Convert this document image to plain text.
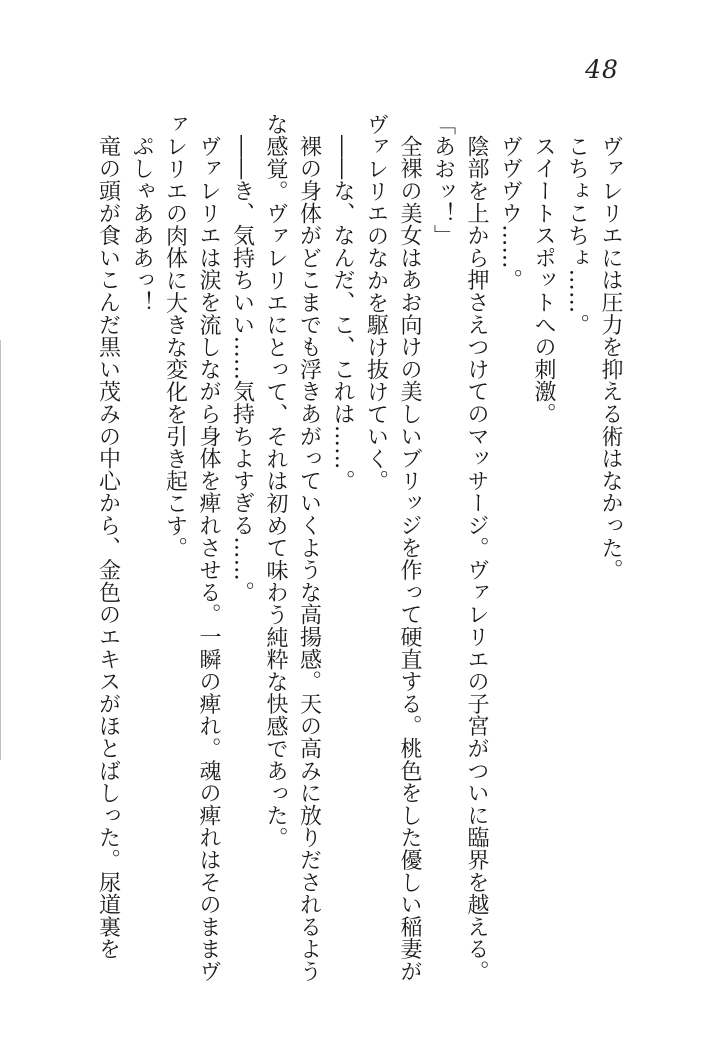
48

ヴァレリエには圧力を抑える術はなかった。

こちょこちょ……。

スイートスポットへの刺激。

ヴヴヴウ……。

陰部を上から押さえつけてのマッサージ。ヴァレリエの子宮がついに臨界を越える。

「あおッ！」

全裸の美女はあお向けの美しいブリッジを作って硬直する。桃色をした優しい稲妻がヴァレリエのなかを駆け抜けていく。

――な、なんだ、こ、これは……。

裸の身体がどこまでも浮きあがっていくような高揚感。天の高みに放りだされるような感覚。ヴァレリエにとって、それは初めて味わう純粋な快感であった。

――き、気持ちいい……気持ちよすぎる……。

ヴァレリエは涙を流しながら身体を痺れさせる。一瞬の痺れ。魂の痺れはそのままヴァレリエの肉体に大きな変化を引き起こす。

ぷしゃあああっ！

竜の頭が食いこんだ黒い茂みの中心から、金色のエキスがほとばしった。尿道裏を
